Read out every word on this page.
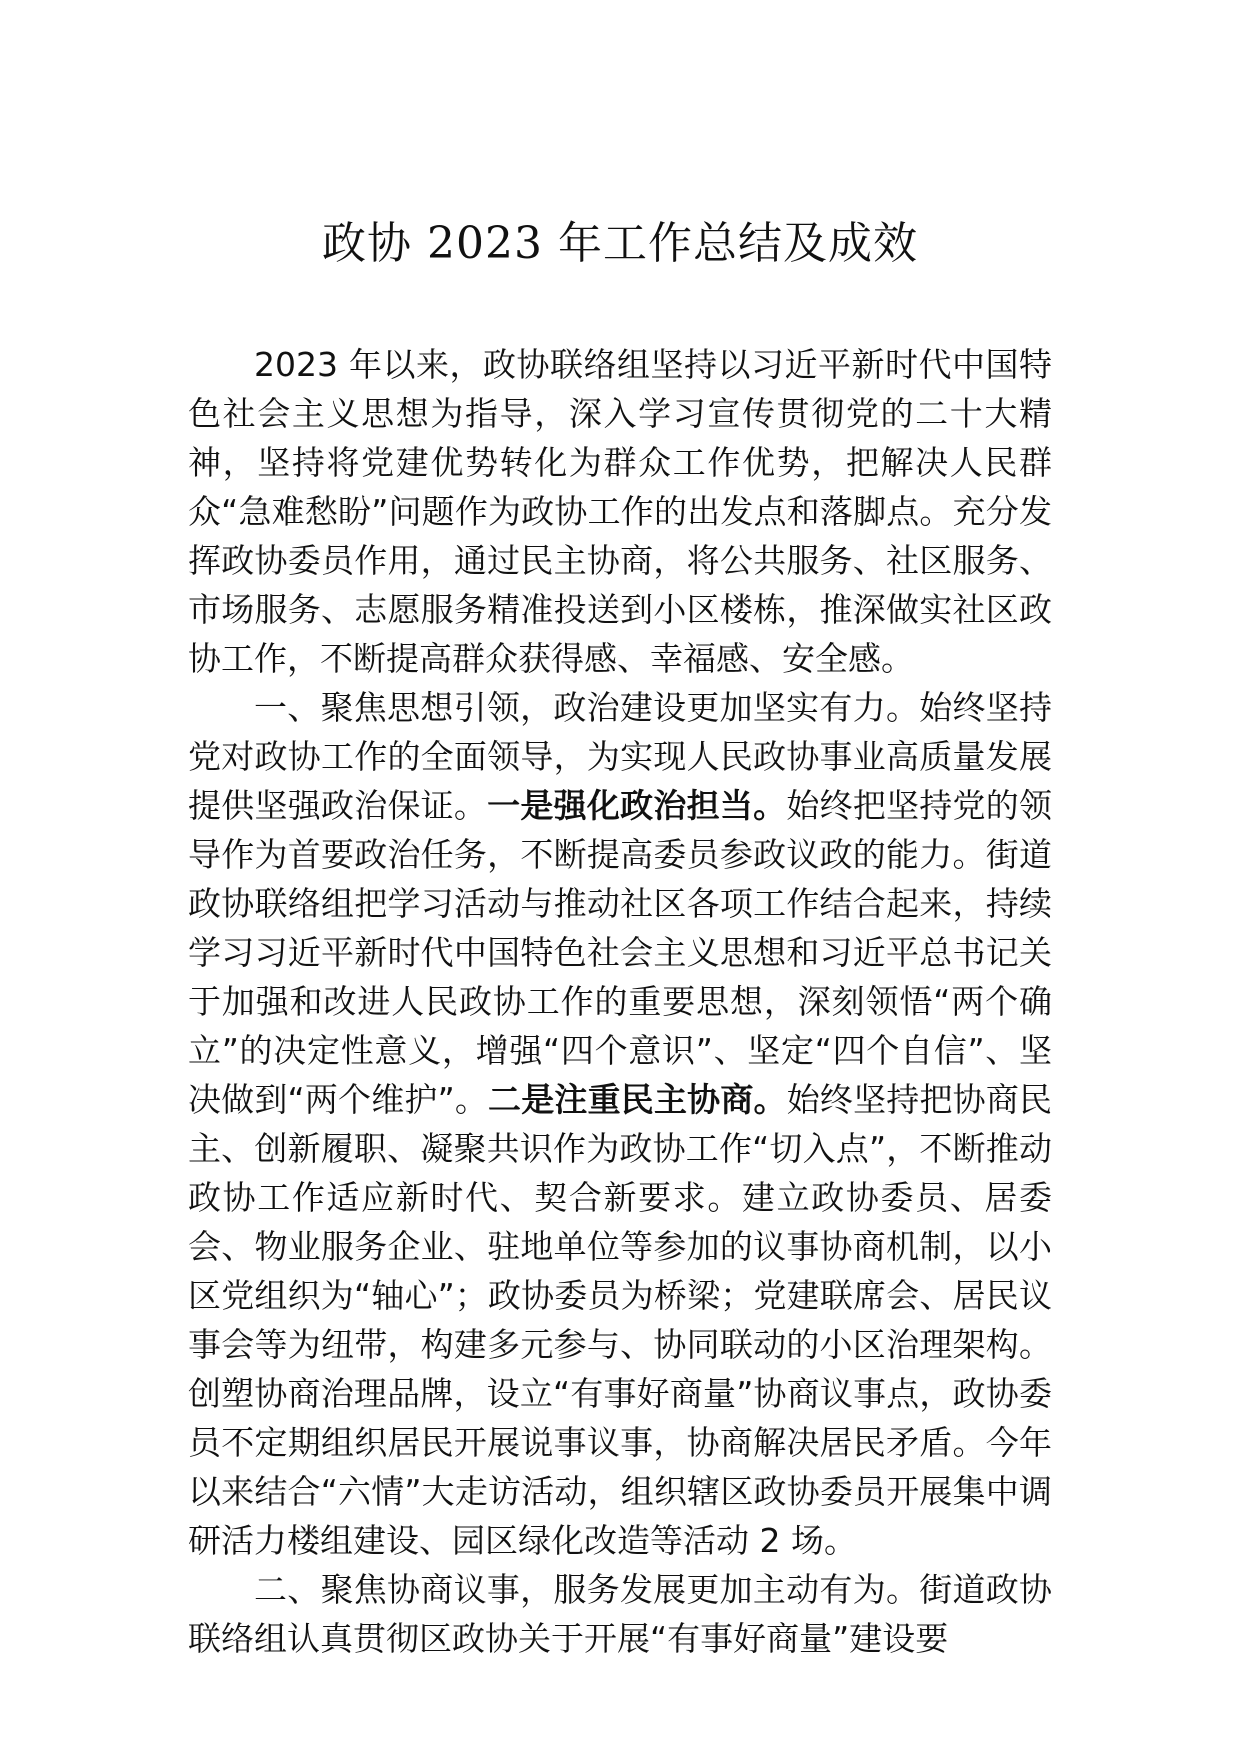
政协 2023 年工作总结及成效

2023 年以来，政协联络组坚持以习近平新时代中国特色社会主义思想为指导，深入学习宣传贯彻党的二十大精神，坚持将党建优势转化为群众工作优势，把解决人民群众“急难愁盼”问题作为政协工作的出发点和落脚点。充分发挥政协委员作用，通过民主协商，将公共服务、社区服务、市场服务、志愿服务精准投送到小区楼栋，推深做实社区政协工作，不断提高群众获得感、幸福感、安全感。

一、聚焦思想引领，政治建设更加坚实有力。始终坚持党对政协工作的全面领导，为实现人民政协事业高质量发展提供坚强政治保证。一是强化政治担当。始终把坚持党的领导作为首要政治任务，不断提高委员参政议政的能力。街道政协联络组把学习活动与推动社区各项工作结合起来，持续学习习近平新时代中国特色社会主义思想和习近平总书记关于加强和改进人民政协工作的重要思想，深刻领悟“两个确立”的决定性意义，增强“四个意识”、坚定“四个自信”、坚决做到“两个维护”。二是注重民主协商。始终坚持把协商民主、创新履职、凝聚共识作为政协工作“切入点”，不断推动政协工作适应新时代、契合新要求。建立政协委员、居委会、物业服务企业、驻地单位等参加的议事协商机制，以小区党组织为“轴心”；政协委员为桥梁；党建联席会、居民议事会等为纽带，构建多元参与、协同联动的小区治理架构。创塑协商治理品牌，设立“有事好商量”协商议事点，政协委员不定期组织居民开展说事议事，协商解决居民矛盾。今年以来结合“六情”大走访活动，组织辖区政协委员开展集中调研活力楼组建设、园区绿化改造等活动 2 场。

二、聚焦协商议事，服务发展更加主动有为。街道政协联络组认真贯彻区政协关于开展“有事好商量”建设要
